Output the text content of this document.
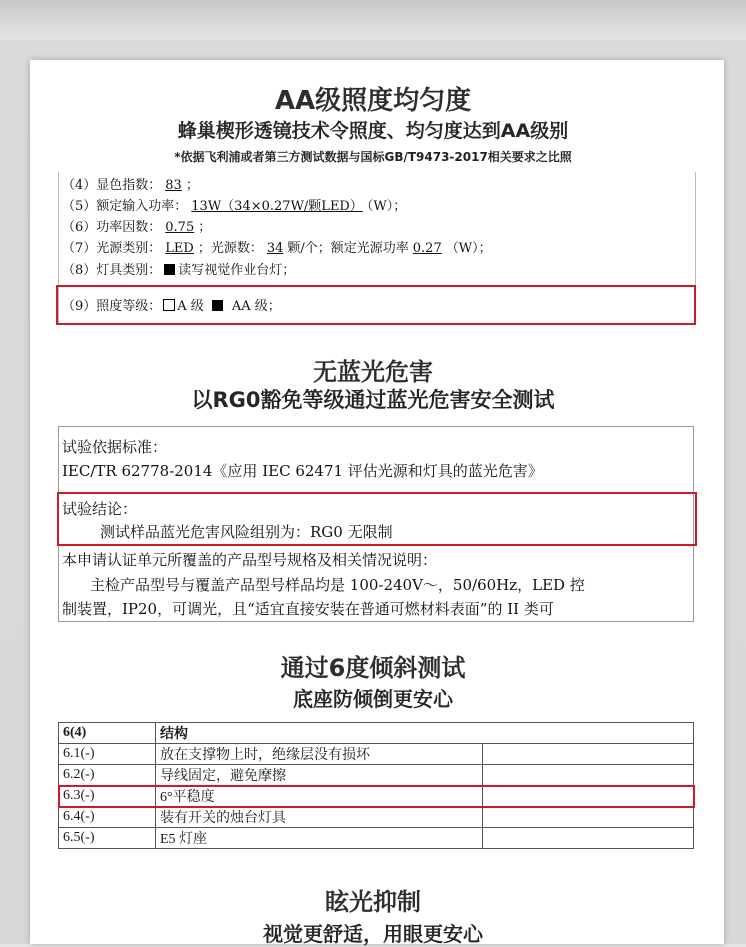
AA级照度均匀度
蜂巢楔形透镜技术令照度、均匀度达到AA级别
*依据飞利浦或者第三方测试数据与国标GB/T9473-2017相关要求之比照
（4）显色指数： 83 ；
（5）额定输入功率： 13W（34×0.27W/颗LED） （W）；
（6）功率因数： 0.75 ；
（7）光源类别： LED ；光源数： 34 颗/个；额定光源功率 0.27 （W）；
（8）灯具类别： 读写视觉作业台灯；
（9）照度等级： A 级 AA 级；
无蓝光危害
以RG0豁免等级通过蓝光危害安全测试
试验依据标准：
IEC/TR 62778-2014《应用 IEC 62471 评估光源和灯具的蓝光危害》
试验结论：
测试样品蓝光危害风险组别为：RG0 无限制
本申请认证单元所覆盖的产品型号规格及相关情况说明：
主检产品型号与覆盖产品型号样品均是 100-240V～，50/60Hz，LED 控
制装置，IP20，可调光，且“适宜直接安装在普通可燃材料表面”的 II 类可
通过6度倾斜测试
底座防倾倒更安心
6(4)	结构	
6.1(-)	放在支撑物上时，绝缘层没有损坏	
6.2(-)	导线固定，避免摩擦	
6.3(-)	6°平稳度	
6.4(-)	装有开关的烛台灯具	
6.5(-)	E5 灯座	
眩光抑制
视觉更舒适，用眼更安心
